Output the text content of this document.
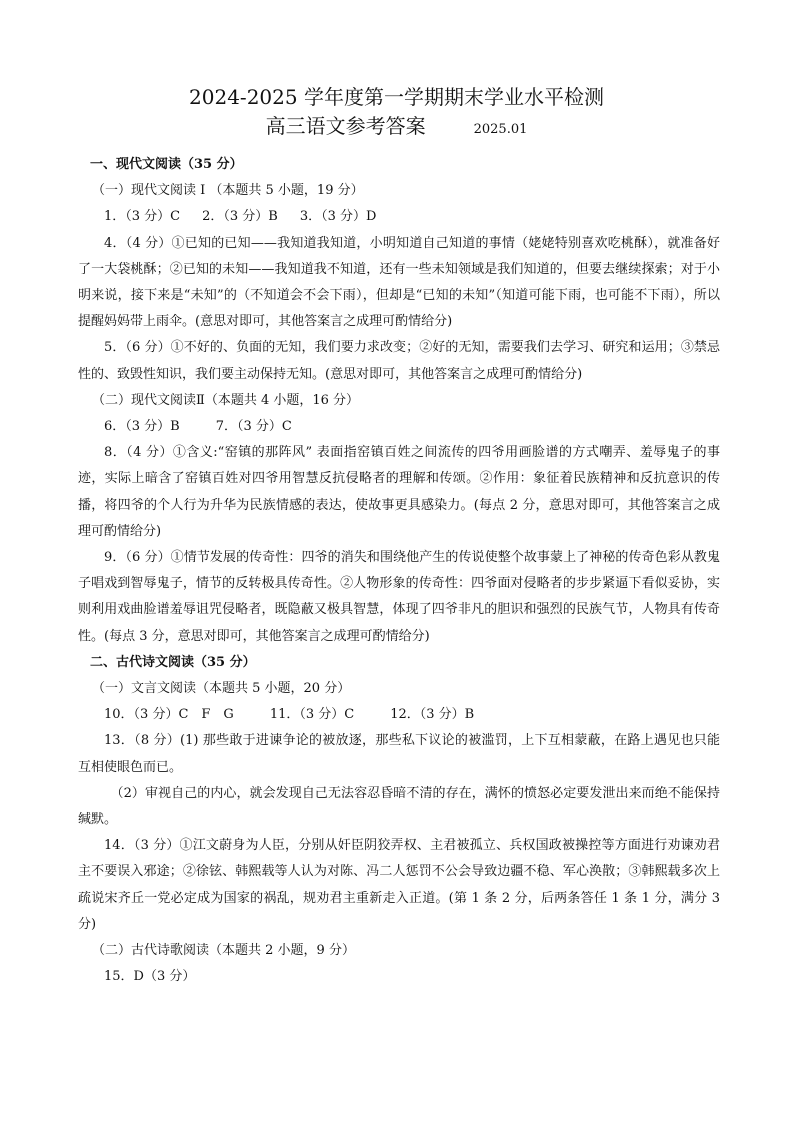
2024-2025 学年度第一学期期末学业水平检测
高三语文参考答案	2025.01

一、现代文阅读（35 分）

（一）现代文阅读 I （本题共 5 小题，19 分）

1．（3 分）C 2．（3 分）B 3．（3 分）D

4．（4 分）①已知的已知——我知道我知道，小明知道自己知道的事情（姥姥特别喜欢吃桃酥），就准备好了一大袋桃酥；②已知的未知——我知道我不知道，还有一些未知领域是我们知道的，但要去继续探索；对于小明来说，接下来是“未知”的（不知道会不会下雨），但却是“已知的未知”（知道可能下雨，也可能不下雨），所以提醒妈妈带上雨伞。(意思对即可，其他答案言之成理可酌情给分)

5．（6 分）①不好的、负面的无知，我们要力求改变；②好的无知，需要我们去学习、研究和运用；③禁忌性的、致毁性知识，我们要主动保持无知。(意思对即可，其他答案言之成理可酌情给分)

（二）现代文阅读Ⅱ（本题共 4 小题，16 分）

6．（3 分）B	7．（3 分）C

8．（4 分）①含义:“窑镇的那阵风” 表面指窑镇百姓之间流传的四爷用画脸谱的方式嘲弄、羞辱鬼子的事迹，实际上暗含了窑镇百姓对四爷用智慧反抗侵略者的理解和传颂。②作用：象征着民族精神和反抗意识的传播，将四爷的个人行为升华为民族情感的表达，使故事更具感染力。(每点 2 分，意思对即可，其他答案言之成理可酌情给分)

9．（6 分）①情节发展的传奇性：四爷的消失和围绕他产生的传说使整个故事蒙上了神秘的传奇色彩从教鬼子唱戏到智辱鬼子，情节的反转极具传奇性。②人物形象的传奇性：四爷面对侵略者的步步紧逼下看似妥协，实则利用戏曲脸谱羞辱诅咒侵略者，既隐蔽又极具智慧，体现了四爷非凡的胆识和强烈的民族气节，人物具有传奇性。(每点 3 分，意思对即可，其他答案言之成理可酌情给分)

二、古代诗文阅读（35 分）

（一）文言文阅读（本题共 5 小题，20 分）

10．（3 分）C　F　G	11．（3 分）C	12．（3 分）B

13．（8 分）(1) 那些敢于进谏争论的被放逐，那些私下议论的被滥罚，上下互相蒙蔽，在路上遇见也只能互相使眼色而已。

（2）审视自己的内心，就会发现自己无法容忍昏暗不清的存在，满怀的愤怒必定要发泄出来而绝不能保持缄默。

14．（3 分）①江文蔚身为人臣，分别从奸臣阴狡弄权、主君被孤立、兵权国政被操控等方面进行劝谏劝君主不要误入邪途；②徐铉、韩熙载等人认为对陈、冯二人惩罚不公会导致边疆不稳、军心涣散；③韩熙载多次上疏说宋齐丘一党必定成为国家的祸乱，规劝君主重新走入正道。(第 1 条 2 分，后两条答任 1 条 1 分，满分 3 分)

（二）古代诗歌阅读（本题共 2 小题，9 分）

15．D（3 分）
